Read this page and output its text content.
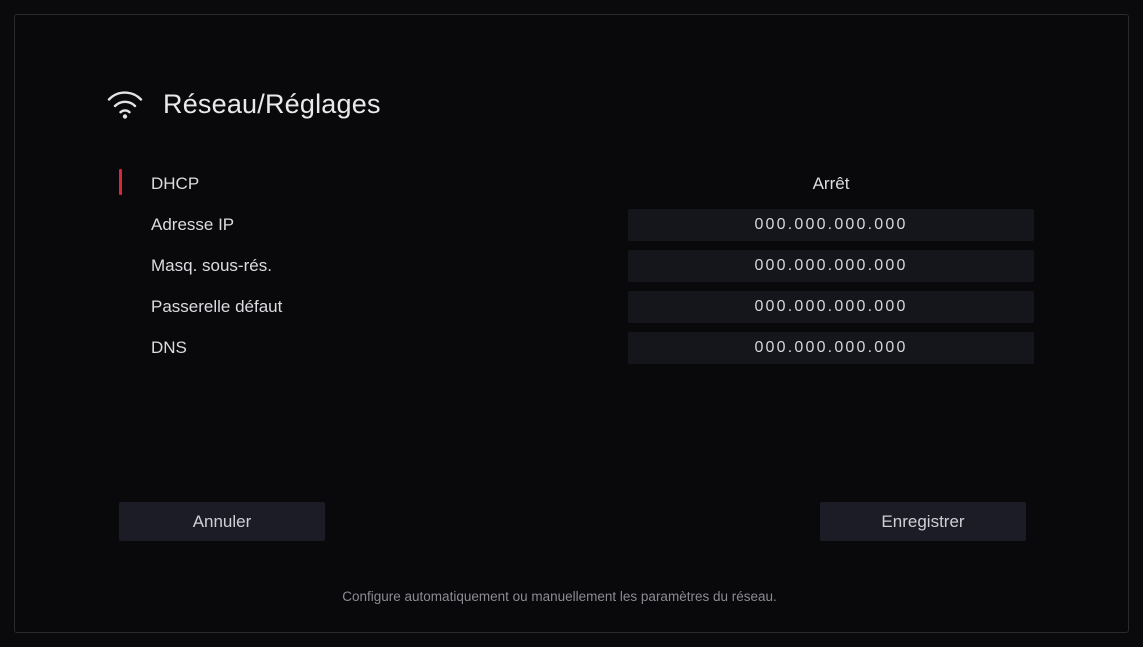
Réseau/Réglages
DHCP	Arrêt
Adresse IP	000.000.000.000
Masq. sous-rés.	000.000.000.000
Passerelle défaut	000.000.000.000
DNS	000.000.000.000
Annuler	Enregistrer
Configure automatiquement ou manuellement les paramètres du réseau.
